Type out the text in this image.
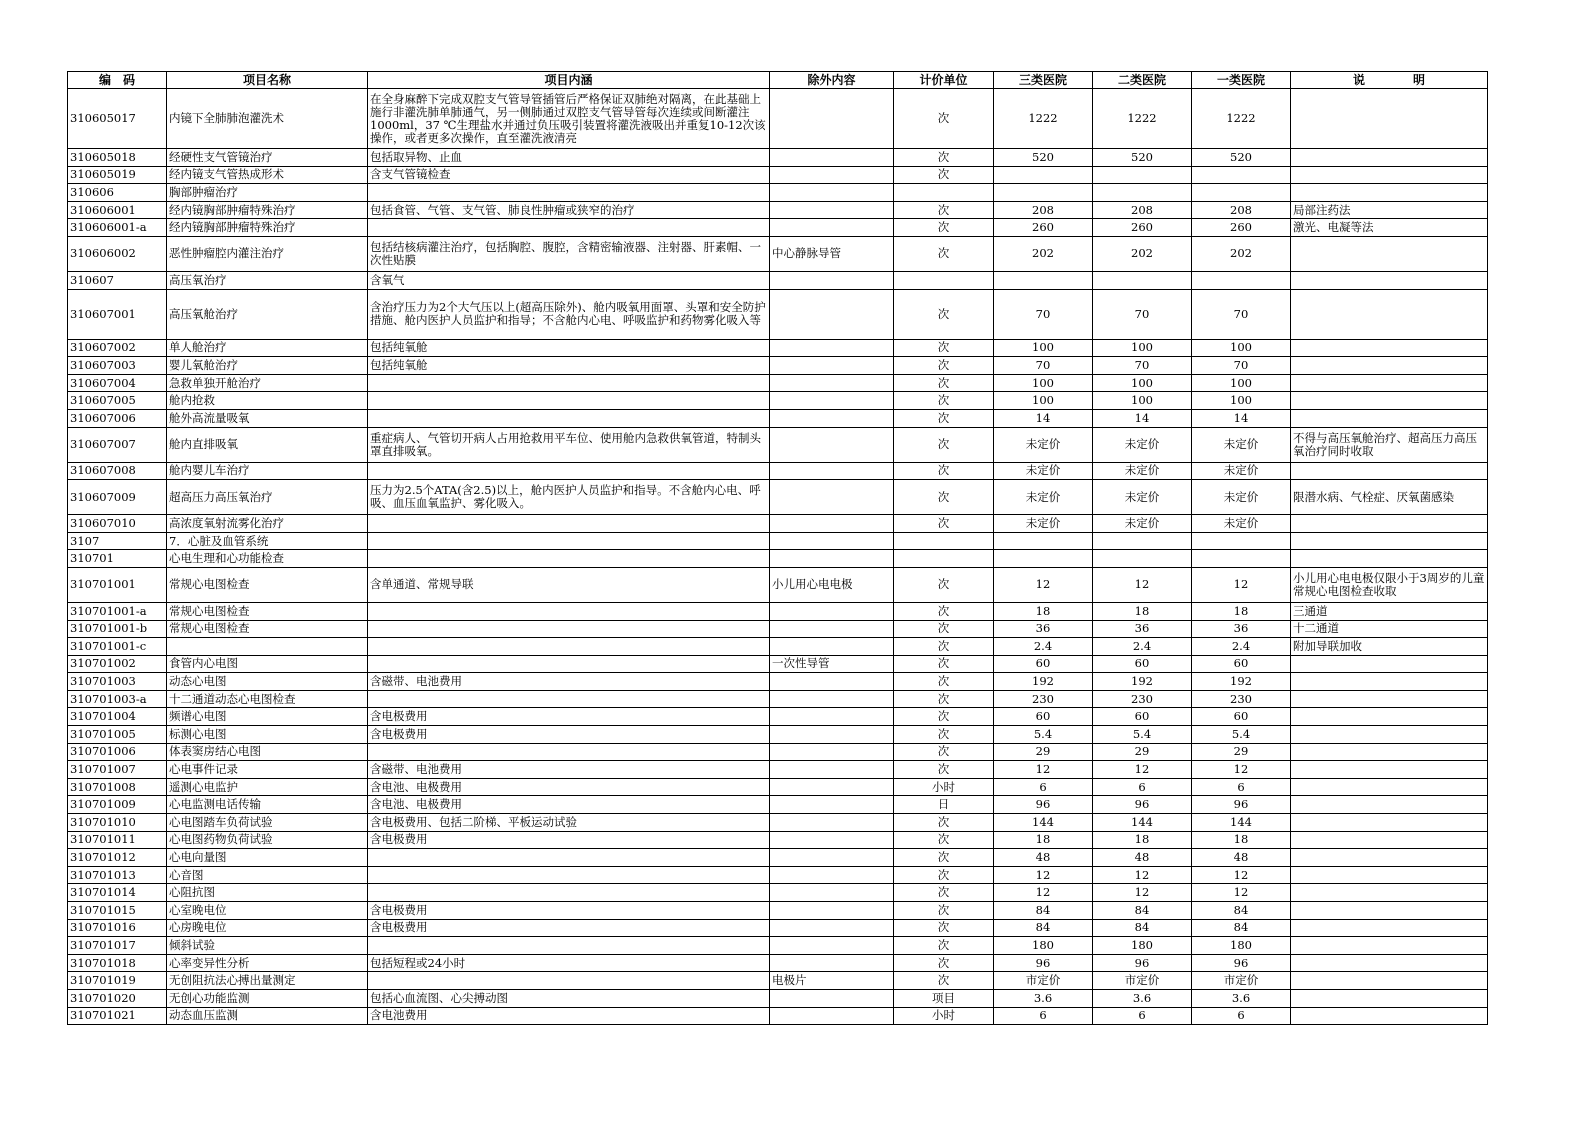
编　码	项目名称	项目内涵	除外内容	计价单位	三类医院	二类医院	一类医院	说　　　　明
310605017	内镜下全肺肺泡灌洗术	在全身麻醉下完成双腔支气管导管插管后严格保证双肺绝对隔离，在此基础上施行非灌洗肺单肺通气，另一侧肺通过双腔支气管导管每次连续或间断灌注1000ml，37 ℃生理盐水并通过负压吸引装置将灌洗液吸出并重复10-12次该操作，或者更多次操作，直至灌洗液清亮		次	1222	1222	1222	
310605018	经硬性支气管镜治疗	包括取异物、止血		次	520	520	520	
310605019	经内镜支气管热成形术	含支气管镜检查		次				
310606	胸部肿瘤治疗							
310606001	经内镜胸部肿瘤特殊治疗	包括食管、气管、支气管、肺良性肿瘤或狭窄的治疗		次	208	208	208	局部注药法
310606001-a	经内镜胸部肿瘤特殊治疗			次	260	260	260	激光、电凝等法
310606002	恶性肿瘤腔内灌注治疗	包括结核病灌注治疗，包括胸腔、腹腔，含精密输液器、注射器、肝素帽、一次性贴膜	中心静脉导管	次	202	202	202	
310607	高压氧治疗	含氧气						
310607001	高压氧舱治疗	含治疗压力为2个大气压以上(超高压除外)、舱内吸氧用面罩、头罩和安全防护措施、舱内医护人员监护和指导；不含舱内心电、呼吸监护和药物雾化吸入等		次	70	70	70	
310607002	单人舱治疗	包括纯氧舱		次	100	100	100	
310607003	婴儿氧舱治疗	包括纯氧舱		次	70	70	70	
310607004	急救单独开舱治疗			次	100	100	100	
310607005	舱内抢救			次	100	100	100	
310607006	舱外高流量吸氧			次	14	14	14	
310607007	舱内直排吸氧	重症病人、气管切开病人占用抢救用平车位、使用舱内急救供氧管道，特制头罩直排吸氧。		次	未定价	未定价	未定价	不得与高压氧舱治疗、超高压力高压氧治疗同时收取
310607008	舱内婴儿车治疗			次	未定价	未定价	未定价	
310607009	超高压力高压氧治疗	压力为2.5个ATA(含2.5)以上，舱内医护人员监护和指导。不含舱内心电、呼吸、血压血氧监护、雾化吸入。		次	未定价	未定价	未定价	限潜水病、气栓症、厌氧菌感染
310607010	高浓度氧射流雾化治疗			次	未定价	未定价	未定价	
3107	7．心脏及血管系统							
310701	心电生理和心功能检查							
310701001	常规心电图检查	含单通道、常规导联	小儿用心电电极	次	12	12	12	小儿用心电电极仅限小于3周岁的儿童常规心电图检查收取
310701001-a	常规心电图检查			次	18	18	18	三通道
310701001-b	常规心电图检查			次	36	36	36	十二通道
310701001-c				次	2.4	2.4	2.4	附加导联加收
310701002	食管内心电图		一次性导管	次	60	60	60	
310701003	动态心电图	含磁带、电池费用		次	192	192	192	
310701003-a	十二通道动态心电图检查			次	230	230	230	
310701004	频谱心电图	含电极费用		次	60	60	60	
310701005	标测心电图	含电极费用		次	5.4	5.4	5.4	
310701006	体表窦房结心电图			次	29	29	29	
310701007	心电事件记录	含磁带、电池费用		次	12	12	12	
310701008	遥测心电监护	含电池、电极费用		小时	6	6	6	
310701009	心电监测电话传输	含电池、电极费用		日	96	96	96	
310701010	心电图踏车负荷试验	含电极费用、包括二阶梯、平板运动试验		次	144	144	144	
310701011	心电图药物负荷试验	含电极费用		次	18	18	18	
310701012	心电向量图			次	48	48	48	
310701013	心音图			次	12	12	12	
310701014	心阻抗图			次	12	12	12	
310701015	心室晚电位	含电极费用		次	84	84	84	
310701016	心房晚电位	含电极费用		次	84	84	84	
310701017	倾斜试验			次	180	180	180	
310701018	心率变异性分析	包括短程或24小时		次	96	96	96	
310701019	无创阻抗法心搏出量测定		电极片	次	市定价	市定价	市定价	
310701020	无创心功能监测	包括心血流图、心尖搏动图		项目	3.6	3.6	3.6	
310701021	动态血压监测	含电池费用		小时	6	6	6	
